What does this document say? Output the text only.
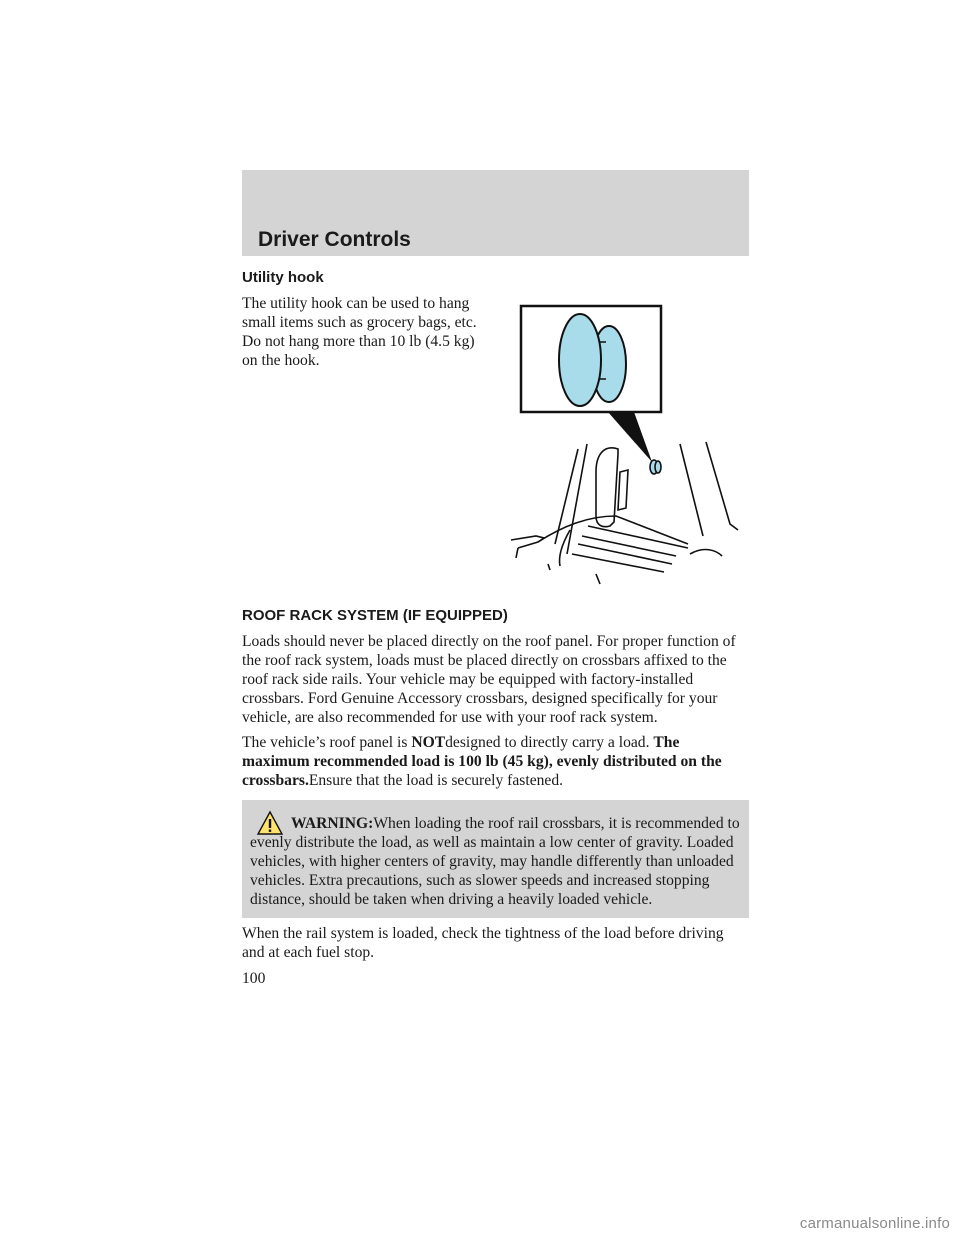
Driver Controls
Utility hook

The utility hook can be used to hang small items such as grocery bags, etc. Do not hang more than 10 lb (4.5 kg) on the hook.

ROOF RACK SYSTEM (IF EQUIPPED)

Loads should never be placed directly on the roof panel. For proper function of the roof rack system, loads must be placed directly on crossbars affixed to the roof rack side rails. Your vehicle may be equipped with factory-installed crossbars. Ford Genuine Accessory crossbars, designed specifically for your vehicle, are also recommended for use with your roof rack system.

The vehicle’s roof panel is NOTdesigned to directly carry a load. The maximum recommended load is 100 lb (45 kg), evenly distributed on the crossbars.Ensure that the load is securely fastened.

WARNING:When loading the roof rail crossbars, it is recommended to evenly distribute the load, as well as maintain a low center of gravity. Loaded vehicles, with higher centers of gravity, may handle differently than unloaded vehicles. Extra precautions, such as slower speeds and increased stopping distance, should be taken when driving a heavily loaded vehicle.

When the rail system is loaded, check the tightness of the load before driving and at each fuel stop.

100
carmanualsonline.info
